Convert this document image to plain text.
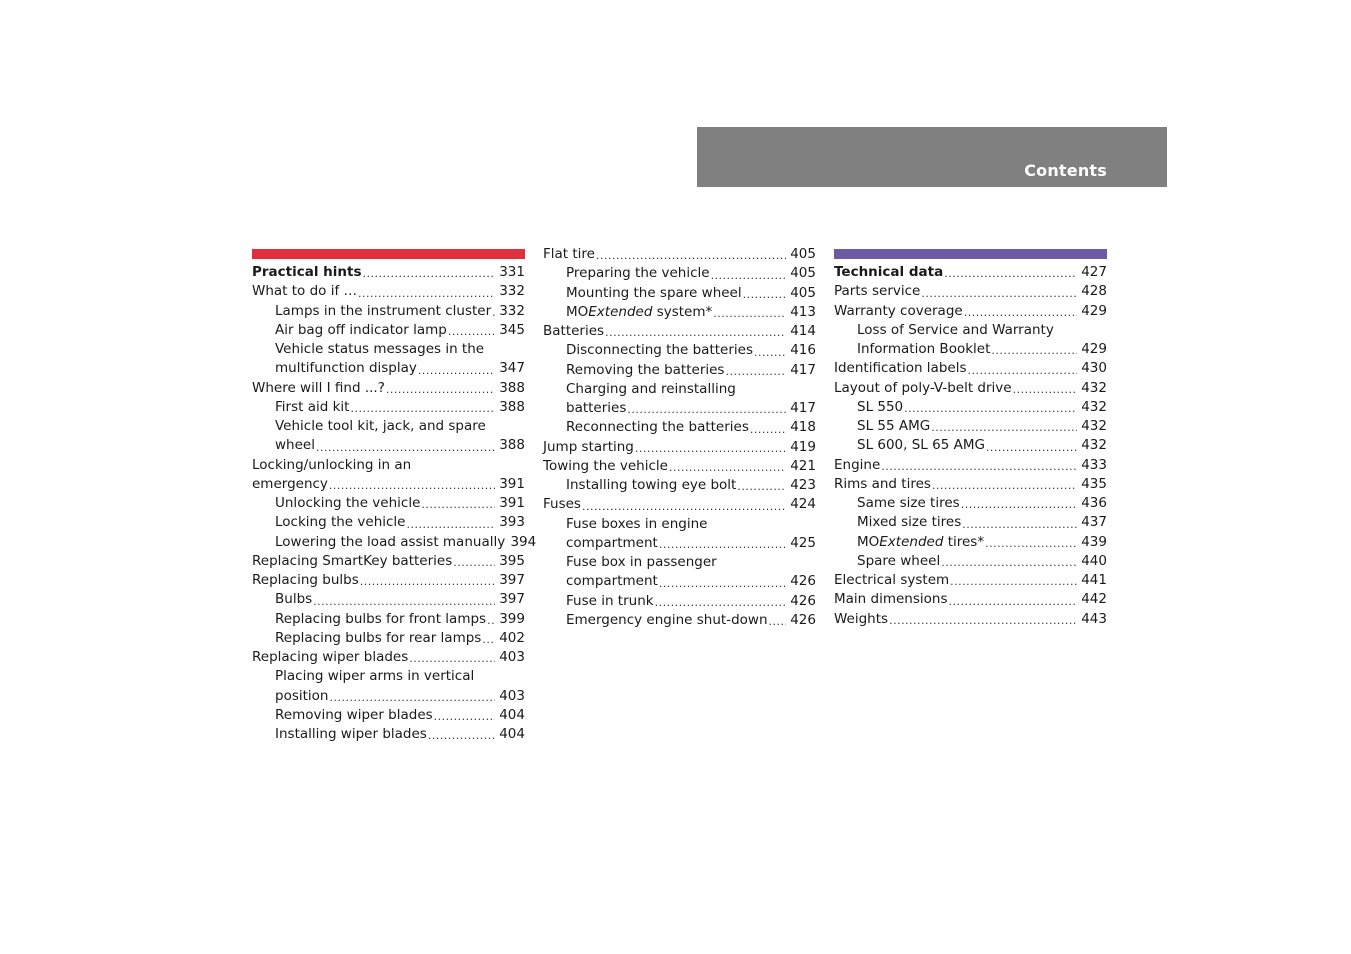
Contents
Practical hints .....	331
What to do if … .....	332
Lamps in the instrument cluster ..... 332
Air bag off indicator lamp .....	345
Vehicle status messages in the
multifunction display .....	347
Where will I find ...? .....	388
First aid kit .....	388
Vehicle tool kit, jack, and spare
wheel .....	388
Locking/unlocking in an
emergency .....	391
Unlocking the vehicle .....	391
Locking the vehicle .....	393
Lowering the load assist manually 394
Replacing SmartKey batteries .....	395
Replacing bulbs .....	397
Bulbs .....	397
Replacing bulbs for front lamps ..... 399
Replacing bulbs for rear lamps ..... 402
Replacing wiper blades .....	403
Placing wiper arms in vertical
position .....	403
Removing wiper blades .....	404
Installing wiper blades .....	404
Flat tire .....	405
Preparing the vehicle .....	405
Mounting the spare wheel .....	405
MOExtended system* .....	413
Batteries .....	414
Disconnecting the batteries .....	416
Removing the batteries .....	417
Charging and reinstalling
batteries .....	417
Reconnecting the batteries .....	418
Jump starting .....	419
Towing the vehicle .....	421
Installing towing eye bolt .....	423
Fuses .....	424
Fuse boxes in engine
compartment .....	425
Fuse box in passenger
compartment .....	426
Fuse in trunk .....	426
Emergency engine shut-down ..... 426
Technical data .....	427
Parts service .....	428
Warranty coverage .....	429
Loss of Service and Warranty
Information Booklet .....	429
Identification labels .....	430
Layout of poly-V-belt drive .....	432
SL 550 .....	432
SL 55 AMG .....	432
SL 600, SL 65 AMG .....	432
Engine .....	433
Rims and tires .....	435
Same size tires .....	436
Mixed size tires .....	437
MOExtended tires* .....	439
Spare wheel .....	440
Electrical system .....	441
Main dimensions .....	442
Weights .....	443
